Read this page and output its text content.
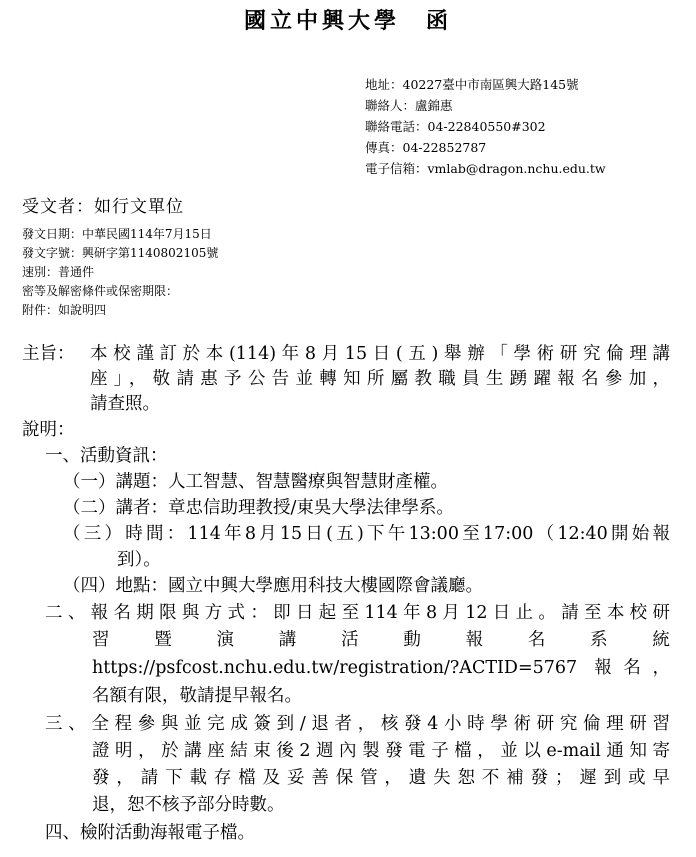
國立中興大學　函
地址：40227臺中市南區興大路145號
聯絡人：盧錦惠
聯絡電話：04-22840550#302
傳真：04-22852787
電子信箱：vmlab@dragon.nchu.edu.tw
受文者：如行文單位
發文日期：中華民國114年7月15日
發文字號：興研字第1140802105號
速別：普通件
密等及解密條件或保密期限：
附件：如說明四
主旨： 本校謹訂於本(114)年8月15日(五)舉辦「學術研究倫理講
座」，敬請惠予公告並轉知所屬教職員生踴躍報名參加，
請查照。
說明：
一、活動資訊：
（一）講題：人工智慧、智慧醫療與智慧財產權。
（二）講者：章忠信助理教授/東吳大學法律學系。
（三）時間：114年8月15日(五)下午13:00至17:00（12:40開始報
到）。
（四）地點：國立中興大學應用科技大樓國際會議廳。
二、報名期限與方式：即日起至114年8月12日止。請至本校研
習	暨	演	講	活	動	報	名	系	統
https://psfcost.nchu.edu.tw/registration/?ACTID=5767 報名，
名額有限，敬請提早報名。
三、全程參與並完成簽到/退者，核發4小時學術研究倫理研習
證明，於講座結束後2週內製發電子檔，並以e-mail通知寄
發，請下載存檔及妥善保管，遺失恕不補發；遲到或早
退，恕不核予部分時數。
四、檢附活動海報電子檔。
